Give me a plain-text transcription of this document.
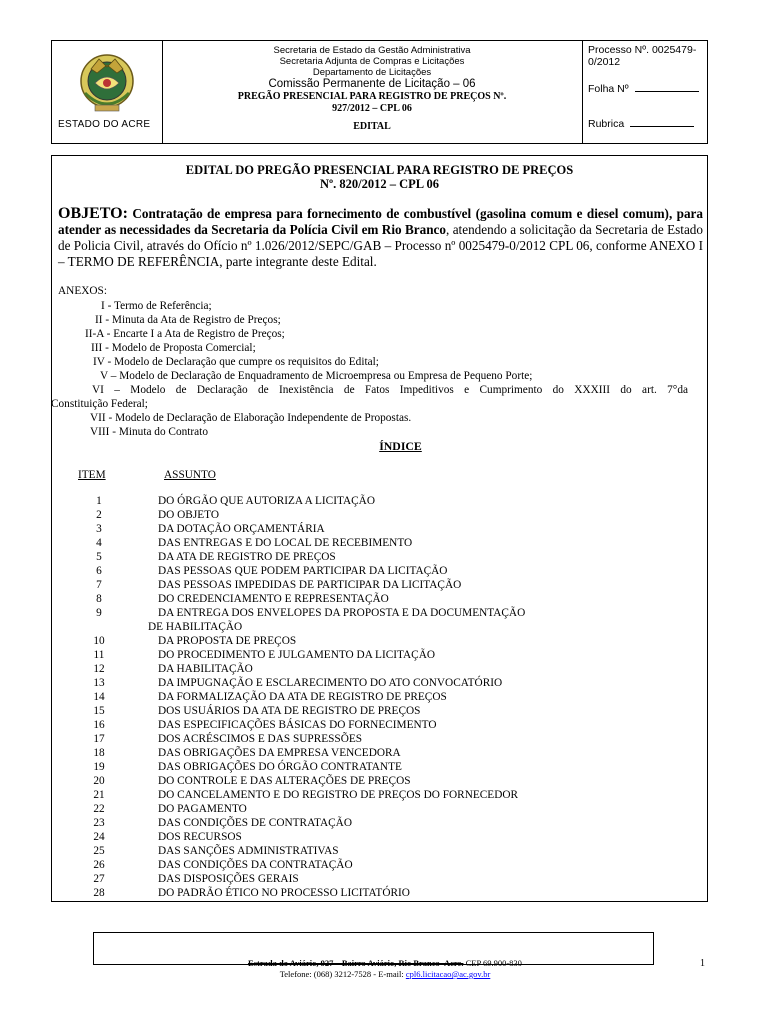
ESTADO DO ACRE
Secretaria de Estado da Gestão Administrativa
Secretaria Adjunta de Compras e Licitações
Departamento de Licitações
Comissão Permanente de Licitação – 06
PREGÃO PRESENCIAL PARA REGISTRO DE PREÇOS Nº.
927/2012 – CPL 06
EDITAL
Processo Nº. 0025479-0/2012
Folha Nº
Rubrica
EDITAL DO PREGÃO PRESENCIAL PARA REGISTRO DE PREÇOS
Nº. 820/2012 – CPL 06
OBJETO: Contratação de empresa para fornecimento de combustível (gasolina comum e diesel comum), para atender as necessidades da Secretaria da Polícia Civil em Rio Branco, atendendo a solicitação da Secretaria de Estado de Policia Civil, através do Ofício nº 1.026/2012/SEPC/GAB – Processo nº 0025479-0/2012 CPL 06, conforme ANEXO I – TERMO DE REFERÊNCIA, parte integrante deste Edital.
ANEXOS:
I - Termo de Referência;
II - Minuta da Ata de Registro de Preços;
II-A - Encarte I a Ata de Registro de Preços;
III - Modelo de Proposta Comercial;
IV - Modelo de Declaração que cumpre os requisitos do Edital;
V – Modelo de Declaração de Enquadramento de Microempresa ou Empresa de Pequeno Porte;
VI – Modelo de Declaração de Inexistência de Fatos Impeditivos e Cumprimento do XXXIII do art. 7°da
Constituição Federal;
VII - Modelo de Declaração de Elaboração Independente de Propostas.
VIII - Minuta do Contrato
ÍNDICE
ITEM	ASSUNTO
1	DO ÓRGÃO QUE AUTORIZA A LICITAÇÃO
2	DO OBJETO
3	DA DOTAÇÃO ORÇAMENTÁRIA
4	DAS ENTREGAS E DO LOCAL DE RECEBIMENTO
5	DA ATA DE REGISTRO DE PREÇOS
6	DAS PESSOAS QUE PODEM PARTICIPAR DA LICITAÇÃO
7	DAS PESSOAS IMPEDIDAS DE PARTICIPAR DA LICITAÇÃO
8	DO CREDENCIAMENTO E REPRESENTAÇÃO
9	DA ENTREGA DOS ENVELOPES DA PROPOSTA E DA DOCUMENTAÇÃO
DE HABILITAÇÃO
10	DA PROPOSTA DE PREÇOS
11	DO PROCEDIMENTO E JULGAMENTO DA LICITAÇÃO
12	DA HABILITAÇÃO
13	DA IMPUGNAÇÃO E ESCLARECIMENTO DO ATO CONVOCATÓRIO
14	DA FORMALIZAÇÃO DA ATA DE REGISTRO DE PREÇOS
15	DOS USUÁRIOS DA ATA DE REGISTRO DE PREÇOS
16	DAS ESPECIFICAÇÕES BÁSICAS DO FORNECIMENTO
17	DOS ACRÉSCIMOS E DAS SUPRESSÕES
18	DAS OBRIGAÇÕES DA EMPRESA VENCEDORA
19	DAS OBRIGAÇÕES DO ÓRGÃO CONTRATANTE
20	DO CONTROLE E DAS ALTERAÇÕES DE PREÇOS
21	DO CANCELAMENTO E DO REGISTRO DE PREÇOS DO FORNECEDOR
22	DO PAGAMENTO
23	DAS CONDIÇÕES DE CONTRATAÇÃO
24	DOS RECURSOS
25	DAS SANÇÕES ADMINISTRATIVAS
26	DAS CONDIÇÕES DA CONTRATAÇÃO
27	DAS DISPOSIÇÕES GERAIS
28	DO PADRÃO ÉTICO NO PROCESSO LICITATÓRIO
Estrada do Aviário, 927 – Bairro Aviário, Rio Branco–Acre. CEP 69.900-830
Telefone: (068) 3212-7528 - E-mail: cpl6.licitacao@ac.gov.br
1
